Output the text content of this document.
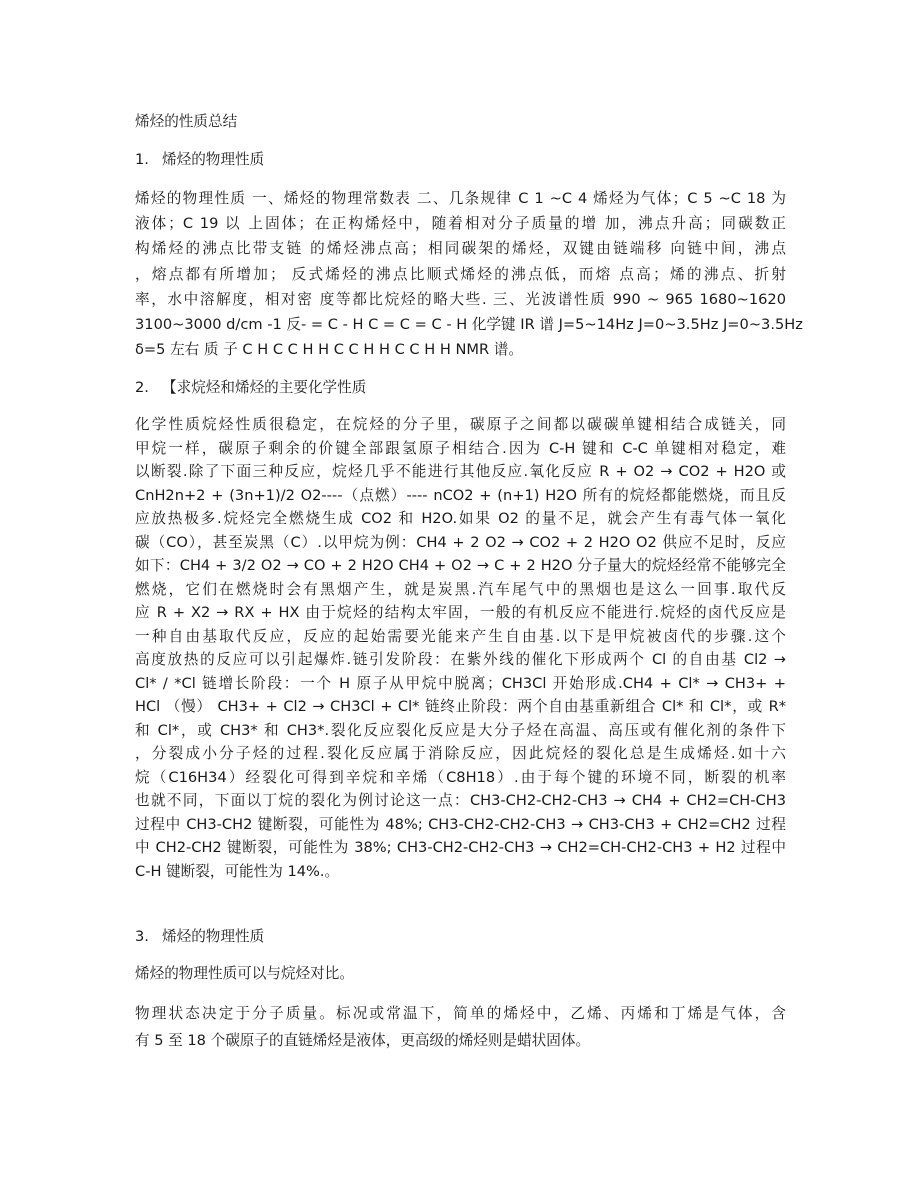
烯烃的性质总结
1. 烯烃的物理性质
烯烃的物理性质 一、烯烃的物理常数表 二、几条规律 C 1 ~C 4 烯烃为气体；C 5 ~C 18 为
液体；C 19 以 上固体；在正构烯烃中，随着相对分子质量的增 加，沸点升高；同碳数正
构烯烃的沸点比带支链 的烯烃沸点高；相同碳架的烯烃，双键由链端移 向链中间，沸点
，熔点都有所增加； 反式烯烃的沸点比顺式烯烃的沸点低，而熔 点高；烯的沸点、折射
率，水中溶解度，相对密 度等都比烷烃的略大些. 三、光波谱性质 990 ~ 965 1680~1620
3100~3000 d/cm -1 反- = C - H C = C = C - H 化学键 IR 谱 J=5~14Hz J=0~3.5Hz J=0~3.5Hz
δ=5 左右 质 子 C H C C H H C C H H C C H H NMR 谱。
2. 【求烷烃和烯烃的主要化学性质
化学性质烷烃性质很稳定，在烷烃的分子里，碳原子之间都以碳碳单键相结合成链关，同
甲烷一样，碳原子剩余的价键全部跟氢原子相结合.因为 C-H 键和 C-C 单键相对稳定，难
以断裂.除了下面三种反应，烷烃几乎不能进行其他反应.氧化反应 R + O2 → CO2 + H2O 或
CnH2n+2 + (3n+1)/2 O2----（点燃）---- nCO2 + (n+1) H2O 所有的烷烃都能燃烧，而且反
应放热极多.烷烃完全燃烧生成 CO2 和 H2O.如果 O2 的量不足，就会产生有毒气体一氧化
碳（CO），甚至炭黑（C）.以甲烷为例：CH4 + 2 O2 → CO2 + 2 H2O O2 供应不足时，反应
如下：CH4 + 3/2 O2 → CO + 2 H2O CH4 + O2 → C + 2 H2O 分子量大的烷烃经常不能够完全
燃烧，它们在燃烧时会有黑烟产生，就是炭黑.汽车尾气中的黑烟也是这么一回事.取代反
应 R + X2 → RX + HX 由于烷烃的结构太牢固，一般的有机反应不能进行.烷烃的卤代反应是
一种自由基取代反应，反应的起始需要光能来产生自由基.以下是甲烷被卤代的步骤.这个
高度放热的反应可以引起爆炸.链引发阶段：在紫外线的催化下形成两个 Cl 的自由基 Cl2 →
Cl* / *Cl 链增长阶段：一个 H 原子从甲烷中脱离；CH3Cl 开始形成.CH4 + Cl* → CH3+ +
HCl （慢） CH3+ + Cl2 → CH3Cl + Cl* 链终止阶段：两个自由基重新组合 Cl* 和 Cl*，或 R*
和 Cl*，或 CH3* 和 CH3*.裂化反应裂化反应是大分子烃在高温、高压或有催化剂的条件下
，分裂成小分子烃的过程.裂化反应属于消除反应，因此烷烃的裂化总是生成烯烃.如十六
烷（C16H34）经裂化可得到辛烷和辛烯（C8H18）.由于每个键的环境不同，断裂的机率
也就不同，下面以丁烷的裂化为例讨论这一点：CH3-CH2-CH2-CH3 → CH4 + CH2=CH-CH3
过程中 CH3-CH2 键断裂，可能性为 48%; CH3-CH2-CH2-CH3 → CH3-CH3 + CH2=CH2 过程
中 CH2-CH2 键断裂，可能性为 38%; CH3-CH2-CH2-CH3 → CH2=CH-CH2-CH3 + H2 过程中
C-H 键断裂，可能性为 14%.。
3. 烯烃的物理性质
烯烃的物理性质可以与烷烃对比。
物理状态决定于分子质量。标况或常温下，简单的烯烃中，乙烯、丙烯和丁烯是气体，含
有 5 至 18 个碳原子的直链烯烃是液体，更高级的烯烃则是蜡状固体。
